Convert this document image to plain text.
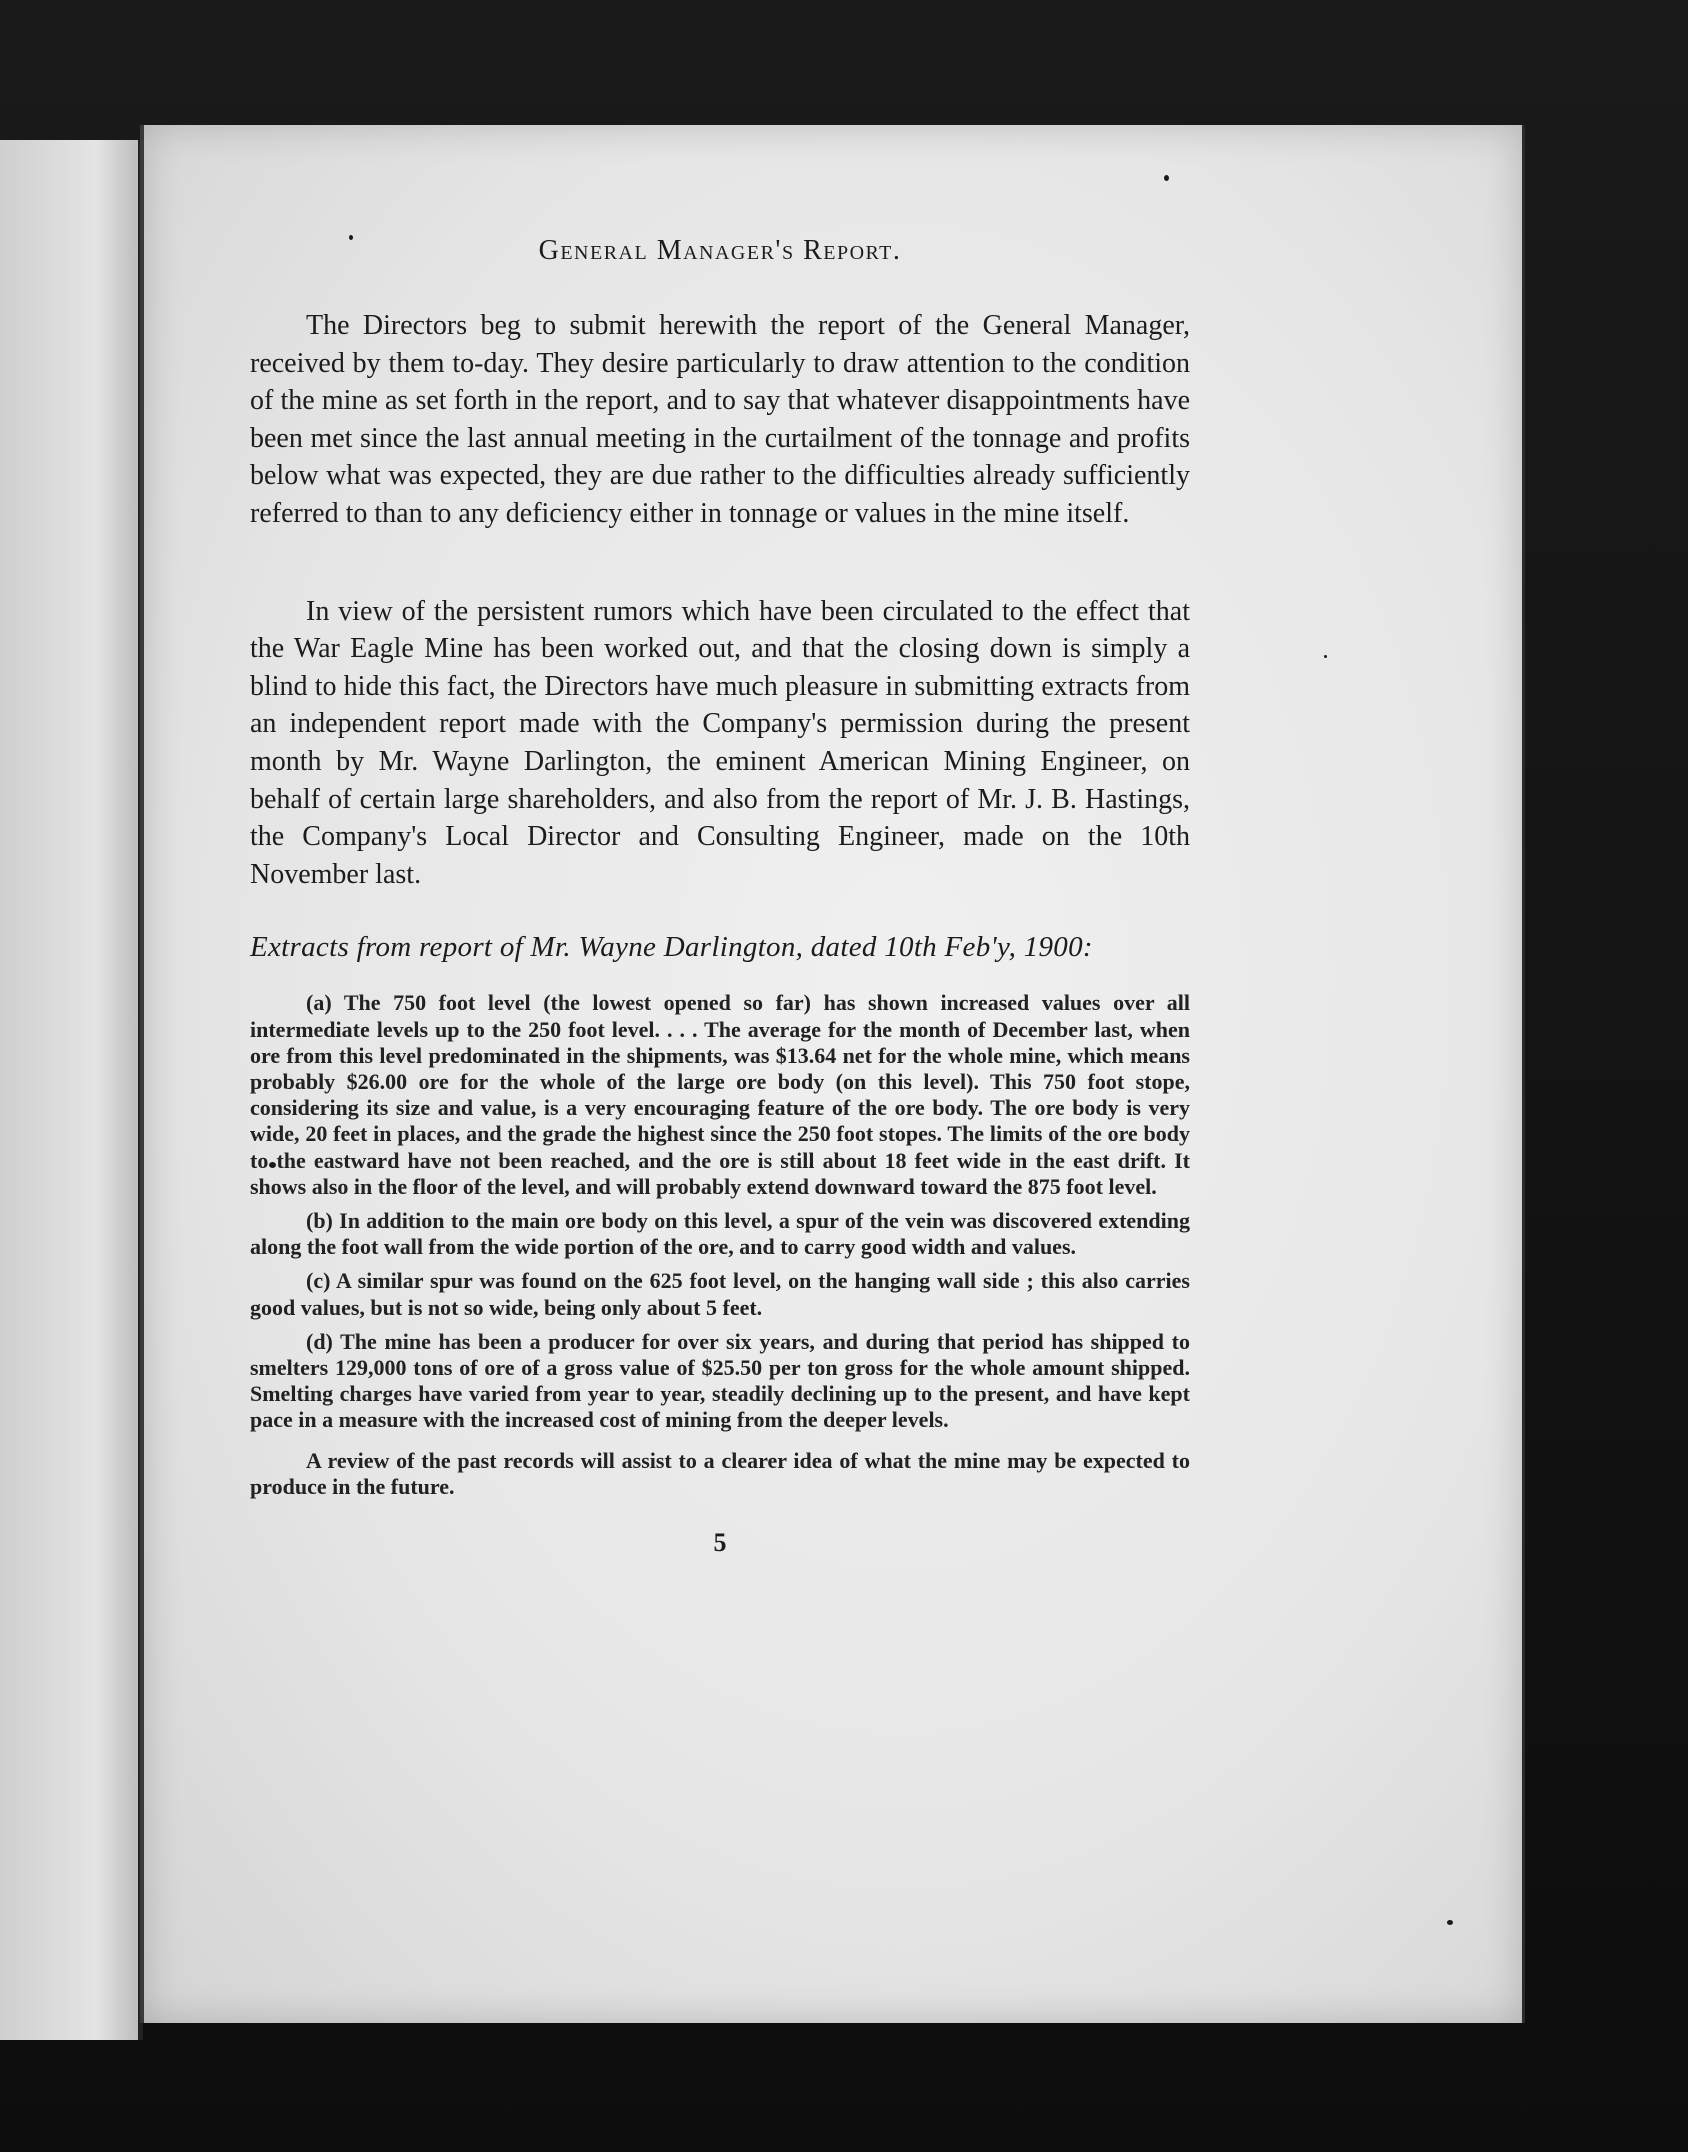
General Manager's Report.

The Directors beg to submit herewith the report of the General Manager, received by them to-day. They desire particularly to draw attention to the condition of the mine as set forth in the report, and to say that whatever disappointments have been met since the last annual meeting in the curtailment of the tonnage and profits below what was expected, they are due rather to the difficulties already sufficiently referred to than to any deficiency either in tonnage or values in the mine itself.

In view of the persistent rumors which have been circulated to the effect that the War Eagle Mine has been worked out, and that the closing down is simply a blind to hide this fact, the Directors have much pleasure in submitting extracts from an independent report made with the Company's permission during the present month by Mr. Wayne Darlington, the eminent American Mining Engineer, on behalf of certain large shareholders, and also from the report of Mr. J. B. Hastings, the Company's Local Director and Consulting Engineer, made on the 10th November last.

Extracts from report of Mr. Wayne Darlington, dated 10th Feb'y, 1900:

(a) The 750 foot level (the lowest opened so far) has shown increased values over all intermediate levels up to the 250 foot level. . . . The average for the month of December last, when ore from this level predominated in the shipments, was $13.64 net for the whole mine, which means probably $26.00 ore for the whole of the large ore body (on this level). This 750 foot stope, considering its size and value, is a very encouraging feature of the ore body. The ore body is very wide, 20 feet in places, and the grade the highest since the 250 foot stopes. The limits of the ore body to the eastward have not been reached, and the ore is still about 18 feet wide in the east drift. It shows also in the floor of the level, and will probably extend downward toward the 875 foot level.

(b) In addition to the main ore body on this level, a spur of the vein was discovered extending along the foot wall from the wide portion of the ore, and to carry good width and values.

(c) A similar spur was found on the 625 foot level, on the hanging wall side ; this also carries good values, but is not so wide, being only about 5 feet.

(d) The mine has been a producer for over six years, and during that period has shipped to smelters 129,000 tons of ore of a gross value of $25.50 per ton gross for the whole amount shipped. Smelting charges have varied from year to year, steadily declining up to the present, and have kept pace in a measure with the increased cost of mining from the deeper levels.

A review of the past records will assist to a clearer idea of what the mine may be expected to produce in the future.

5
